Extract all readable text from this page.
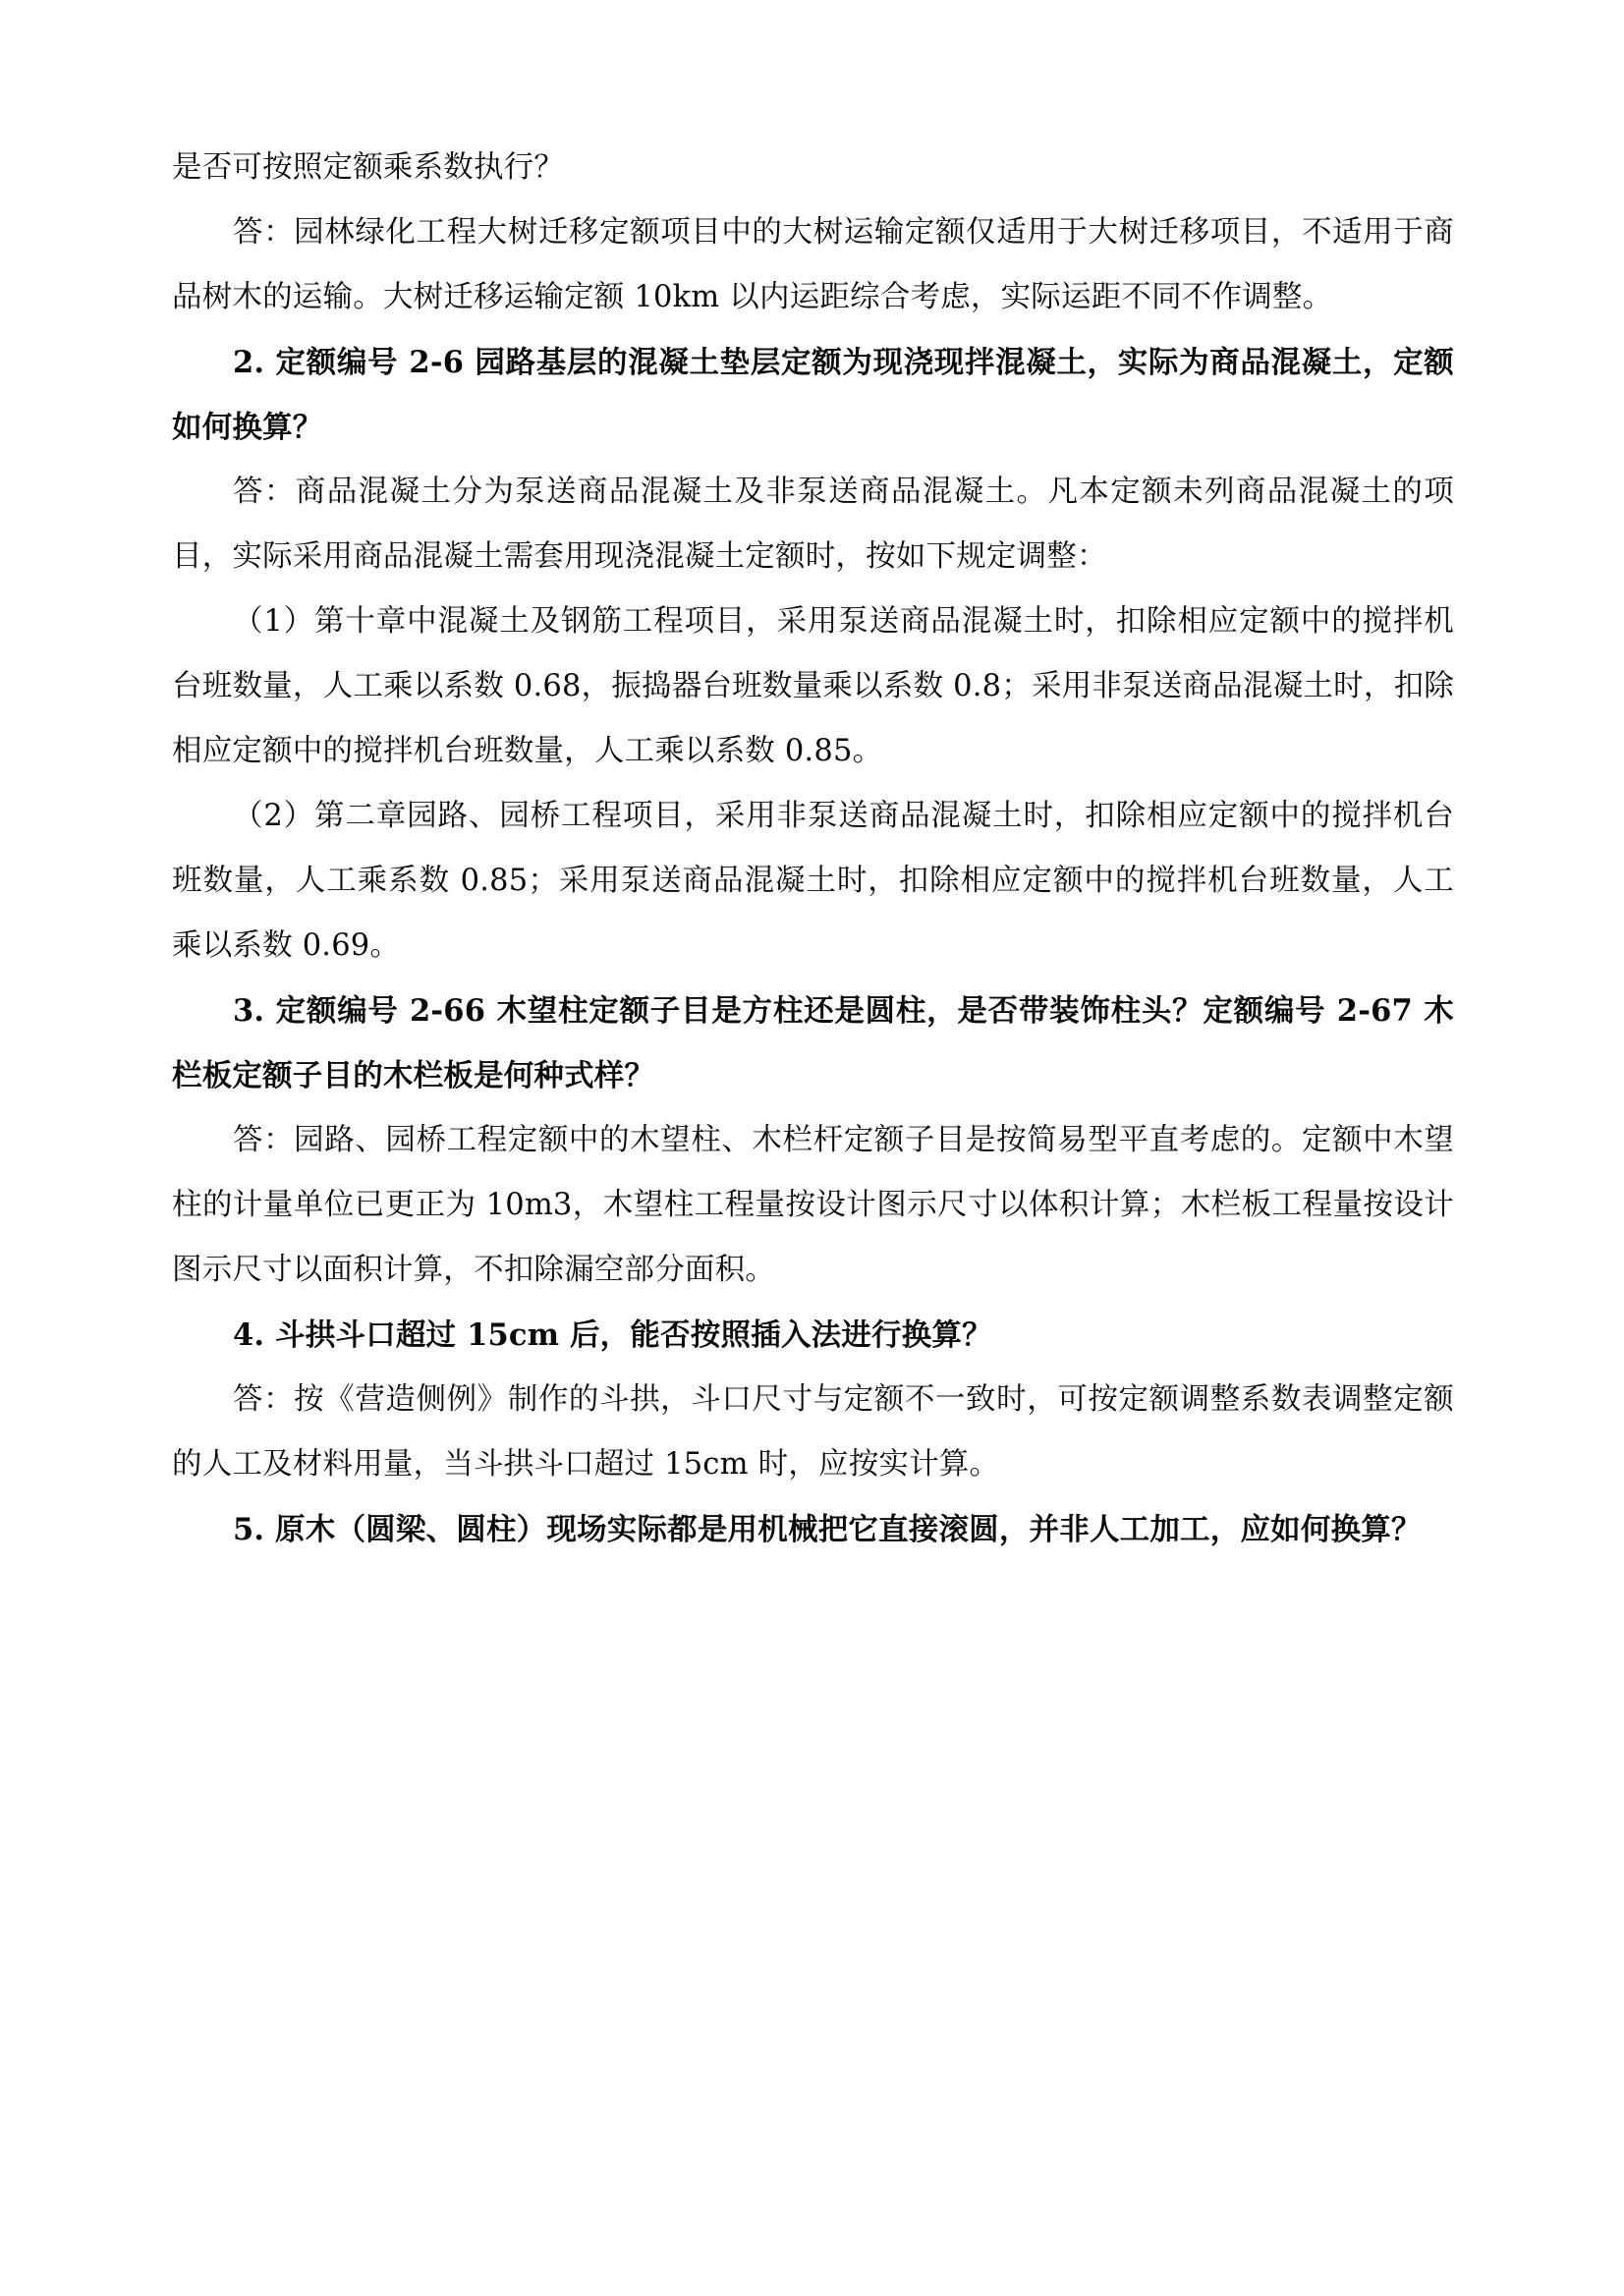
是否可按照定额乘系数执行？

答：园林绿化工程大树迁移定额项目中的大树运输定额仅适用于大树迁移项目，不适用于商品树木的运输。大树迁移运输定额 10km 以内运距综合考虑，实际运距不同不作调整。

2. 定额编号 2-6 园路基层的混凝土垫层定额为现浇现拌混凝土，实际为商品混凝土，定额如何换算？

答：商品混凝土分为泵送商品混凝土及非泵送商品混凝土。凡本定额未列商品混凝土的项目，实际采用商品混凝土需套用现浇混凝土定额时，按如下规定调整：

（1）第十章中混凝土及钢筋工程项目，采用泵送商品混凝土时，扣除相应定额中的搅拌机台班数量，人工乘以系数 0.68，振捣器台班数量乘以系数 0.8；采用非泵送商品混凝土时，扣除相应定额中的搅拌机台班数量，人工乘以系数 0.85。

（2）第二章园路、园桥工程项目，采用非泵送商品混凝土时，扣除相应定额中的搅拌机台班数量，人工乘系数 0.85；采用泵送商品混凝土时，扣除相应定额中的搅拌机台班数量，人工乘以系数 0.69。

3. 定额编号 2-66 木望柱定额子目是方柱还是圆柱，是否带装饰柱头？定额编号 2-67 木栏板定额子目的木栏板是何种式样？

答：园路、园桥工程定额中的木望柱、木栏杆定额子目是按简易型平直考虑的。定额中木望柱的计量单位已更正为 10m3，木望柱工程量按设计图示尺寸以体积计算；木栏板工程量按设计图示尺寸以面积计算，不扣除漏空部分面积。

4. 斗拱斗口超过 15cm 后，能否按照插入法进行换算？

答：按《营造侧例》制作的斗拱，斗口尺寸与定额不一致时，可按定额调整系数表调整定额的人工及材料用量，当斗拱斗口超过 15cm 时，应按实计算。

5. 原木（圆梁、圆柱）现场实际都是用机械把它直接滚圆，并非人工加工，应如何换算？
